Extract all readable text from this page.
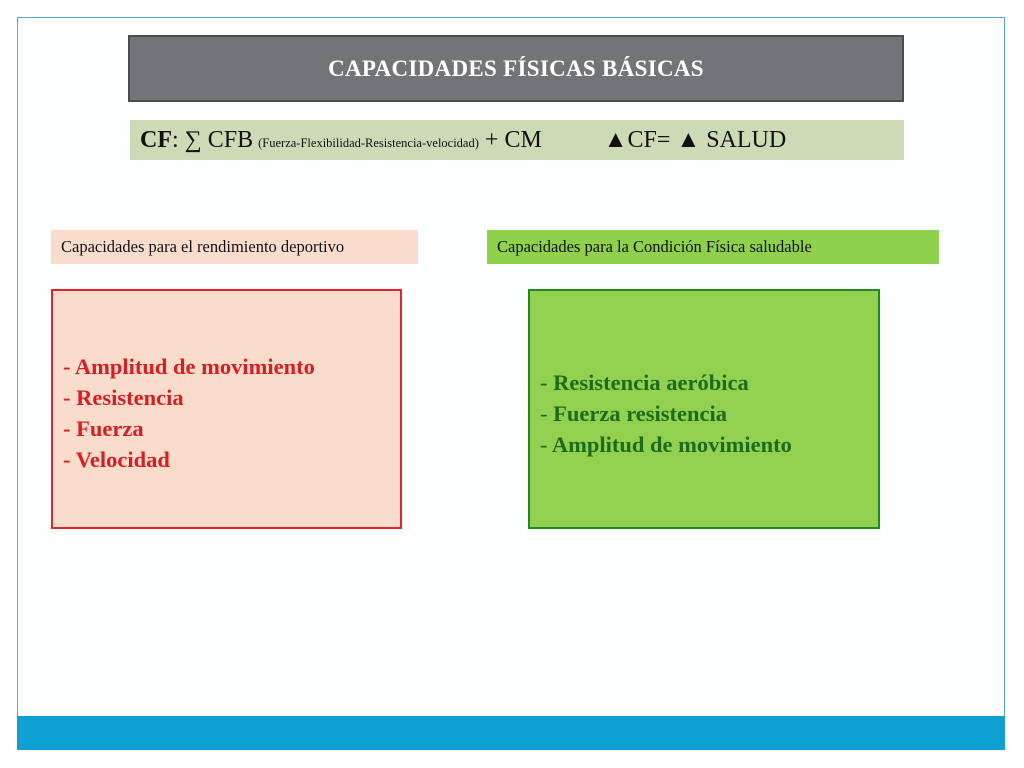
CAPACIDADES FÍSICAS BÁSICAS
CF : ∑ CFB (Fuerza-Flexibilidad-Resistencia-velocidad) + CM	▲CF= ▲ SALUD
Capacidades para el rendimiento deportivo	Capacidades para la Condición Física saludable
- Amplitud de movimiento
- Resistencia
- Fuerza
- Velocidad
- Resistencia aeróbica
- Fuerza resistencia
- Amplitud de movimiento
